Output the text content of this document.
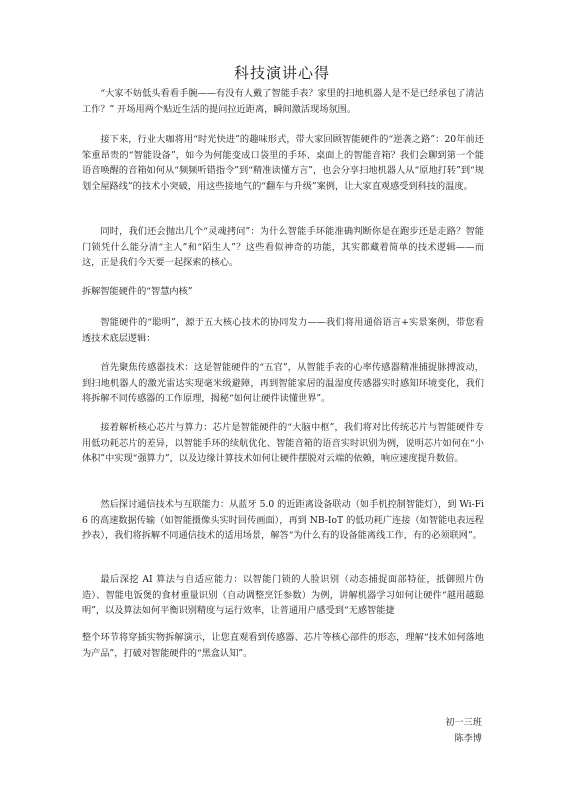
科技演讲心得

“大家不妨低头看看手腕——有没有人戴了智能手表？家里的扫地机器人是不是已经承包了清洁工作？” 开场用两个贴近生活的提问拉近距离，瞬间激活现场氛围。

接下来，行业大咖将用“时光快进”的趣味形式，带大家回顾智能硬件的“逆袭之路”：20年前还笨重昂贵的“智能设备”，如今为何能变成口袋里的手环、桌面上的智能音箱？我们会聊到第一个能语音唤醒的音箱如何从“频频听错指令”到“精准读懂方言”，也会分享扫地机器人从“原地打转”到“规划全屋路线”的技术小突破，用这些接地气的“翻车与升级”案例，让大家直观感受到科技的温度。

同时，我们还会抛出几个“灵魂拷问”：为什么智能手环能准确判断你是在跑步还是走路？智能门锁凭什么能分清“主人”和“陌生人”？这些看似神奇的功能，其实都藏着简单的技术逻辑——而这，正是我们今天要一起探索的核心。

拆解智能硬件的“智慧内核”

智能硬件的“聪明”，源于五大核心技术的协同发力——我们将用通俗语言+实景案例，带您看透技术底层逻辑：

首先聚焦传感器技术：这是智能硬件的“五官”，从智能手表的心率传感器精准捕捉脉搏波动，到扫地机器人的激光雷达实现毫米级避障，再到智能家居的温湿度传感器实时感知环境变化，我们将拆解不同传感器的工作原理，揭秘“如何让硬件读懂世界”。

接着解析核心芯片与算力：芯片是智能硬件的“大脑中枢”，我们将对比传统芯片与智能硬件专用低功耗芯片的差异，以智能手环的续航优化、智能音箱的语音实时识别为例，说明芯片如何在“小体积”中实现“强算力”，以及边缘计算技术如何让硬件摆脱对云端的依赖，响应速度提升数倍。

然后探讨通信技术与互联能力：从蓝牙 5.0 的近距离设备联动（如手机控制智能灯），到 Wi-Fi 6 的高速数据传输（如智能摄像头实时回传画面），再到 NB-IoT 的低功耗广连接（如智能电表远程抄表），我们将拆解不同通信技术的适用场景，解答“为什么有的设备能离线工作，有的必须联网”。

最后深挖 AI 算法与自适应能力：以智能门锁的人脸识别（动态捕捉面部特征，抵御照片伪造）、智能电饭煲的食材重量识别（自动调整烹饪参数）为例，讲解机器学习如何让硬件“越用越聪明”，以及算法如何平衡识别精度与运行效率，让普通用户感受到“无感智能捷

整个环节将穿插实物拆解演示，让您直观看到传感器、芯片等核心部件的形态，理解“技术如何落地为产品”，打破对智能硬件的“黑盒认知”。

初一三班
陈李博
